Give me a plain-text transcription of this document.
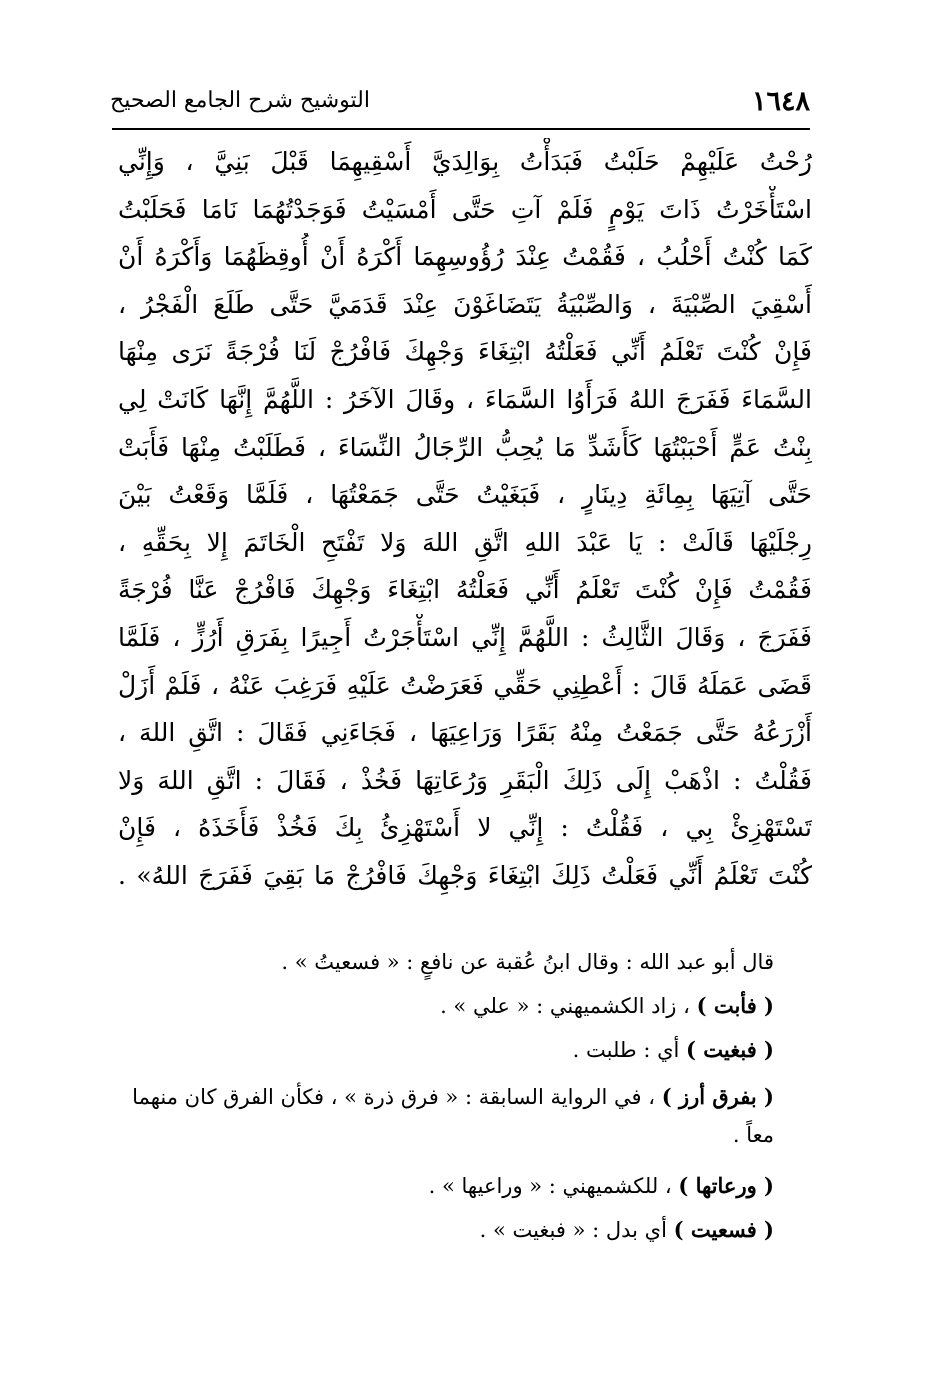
١٦٤٨
التوشيح شرح الجامع الصحيح
رُحْتُ عَلَيْهِمْ حَلَبْتُ فَبَدَأْتُ بِوَالِدَيَّ أَسْقِيهِمَا قَبْلَ بَنِيَّ ، وَإِنِّي
اسْتَأْخَرْتُ ذَاتَ يَوْمٍ فَلَمْ آتِ حَتَّى أَمْسَيْتُ فَوَجَدْتُهُمَا نَامَا فَحَلَبْتُ
كَمَا كُنْتُ أَحْلُبُ ، فَقُمْتُ عِنْدَ رُؤُوسِهِمَا أَكْرَهُ أَنْ أُوقِظَهُمَا وَأَكْرَهُ أَنْ
أَسْقِيَ الصِّبْيَةَ ، وَالصِّبْيَةُ يَتَضَاغَوْنَ عِنْدَ قَدَمَيَّ حَتَّى طَلَعَ الْفَجْرُ ،
فَإِنْ كُنْتَ تَعْلَمُ أَنِّي فَعَلْتُهُ ابْتِغَاءَ وَجْهِكَ فَافْرُجْ لَنَا فُرْجَةً نَرَى مِنْهَا
السَّمَاءَ فَفَرَجَ اللهُ فَرَأَوُا السَّمَاءَ ، وقَالَ الآخَرُ : اللَّهُمَّ إِنَّهَا كَانَتْ لِي
بِنْتُ عَمٍّ أَحْبَبْتُهَا كَأَشَدِّ مَا يُحِبُّ الرِّجَالُ النِّسَاءَ ، فَطَلَبْتُ مِنْهَا فَأَبَتْ
حَتَّى آتِيَهَا بِمِائَةِ دِينَارٍ ، فَبَغَيْتُ حَتَّى جَمَعْتُهَا ، فَلَمَّا وَقَعْتُ بَيْنَ
رِجْلَيْهَا قَالَتْ : يَا عَبْدَ اللهِ اتَّقِ اللهَ وَلا تَفْتَحِ الْخَاتَمَ إِلا بِحَقِّهِ ،
فَقُمْتُ فَإِنْ كُنْتَ تَعْلَمُ أَنِّي فَعَلْتُهُ ابْتِغَاءَ وَجْهِكَ فَافْرُجْ عَنَّا فُرْجَةً
فَفَرَجَ ، وَقَالَ الثَّالِثُ : اللَّهُمَّ إِنِّي اسْتَأْجَرْتُ أَجِيرًا بِفَرَقِ أَرُزٍّ ، فَلَمَّا
قَضَى عَمَلَهُ قَالَ : أَعْطِنِي حَقِّي فَعَرَضْتُ عَلَيْهِ فَرَغِبَ عَنْهُ ، فَلَمْ أَزَلْ
أَزْرَعُهُ حَتَّى جَمَعْتُ مِنْهُ بَقَرًا وَرَاعِيَهَا ، فَجَاءَنِي فَقَالَ : اتَّقِ اللهَ ،
فَقُلْتُ : اذْهَبْ إِلَى ذَلِكَ الْبَقَرِ وَرُعَاتِهَا فَخُذْ ، فَقَالَ : اتَّقِ اللهَ وَلا
تَسْتَهْزِئْ بِي ، فَقُلْتُ : إِنِّي لا أَسْتَهْزِئُ بِكَ فَخُذْ فَأَخَذَهُ ، فَإِنْ
كُنْتَ تَعْلَمُ أَنِّي فَعَلْتُ ذَلِكَ ابْتِغَاءَ وَجْهِكَ فَافْرُجْ مَا بَقِيَ فَفَرَجَ اللهُ» .
قال أبو عبد الله : وقال ابنُ عُقبة عن نافعٍ : « فسعيتُ » .
( فأبت ) ، زاد الكشميهني : « علي » .
( فبغيت ) أي : طلبت .
( بفرق أرز ) ، في الرواية السابقة : « فرق ذرة » ، فكأن الفرق كان منهما معاً .
( ورعاتها ) ، للكشميهني : « وراعيها » .
( فسعيت ) أي بدل : « فبغيت » .
